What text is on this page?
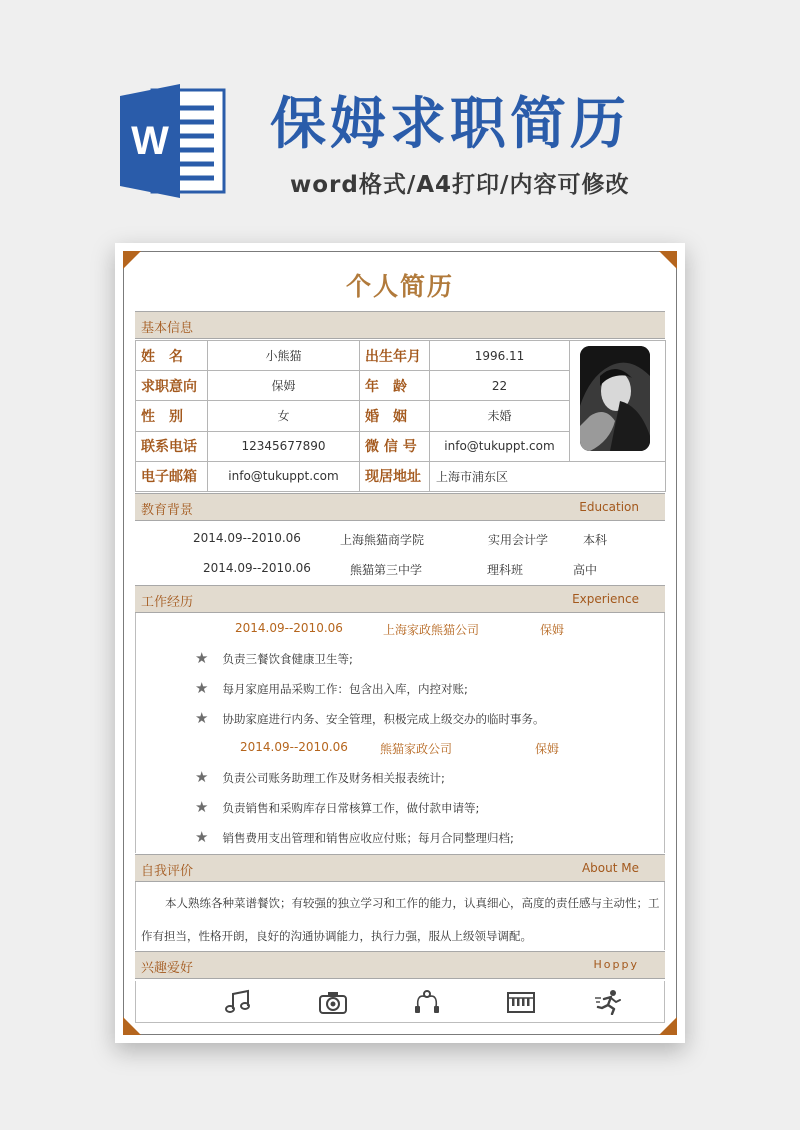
W 保姆求职简历
word格式/A4打印/内容可修改
个人简历
基本信息
姓　名	小熊猫	出生年月	1996.11	

求职意向	保姆	年　龄	22	
性　别	女	婚　姻	未婚	
联系电话	12345677890	微 信 号	info@tukuppt.com	
电子邮箱	info@tukuppt.com	现居地址	上海市浦东区	
教育背景	Education
2014.09--2010.06	上海熊猫商学院	实用会计学	本科
2014.09--2010.06	熊猫第三中学	理科班	高中
工作经历	Experience
2014.09--2010.06	上海家政熊猫公司	保姆
★ 负责三餐饮食健康卫生等;
★ 每月家庭用品采购工作：包含出入库，内控对账;
★ 协助家庭进行内务、安全管理，积极完成上级交办的临时事务。
2014.09--2010.06	熊猫家政公司	保姆
★ 负责公司账务助理工作及财务相关报表统计;
★ 负责销售和采购库存日常核算工作，做付款申请等;
★ 销售费用支出管理和销售应收应付账；每月合同整理归档;
自我评价	About Me
本人熟练各种菜谱餐饮；有较强的独立学习和工作的能力，认真细心，高度的责任感与主动性；工作有担当，性格开朗，良好的沟通协调能力，执行力强，服从上级领导调配。
兴趣爱好	Hoppy
